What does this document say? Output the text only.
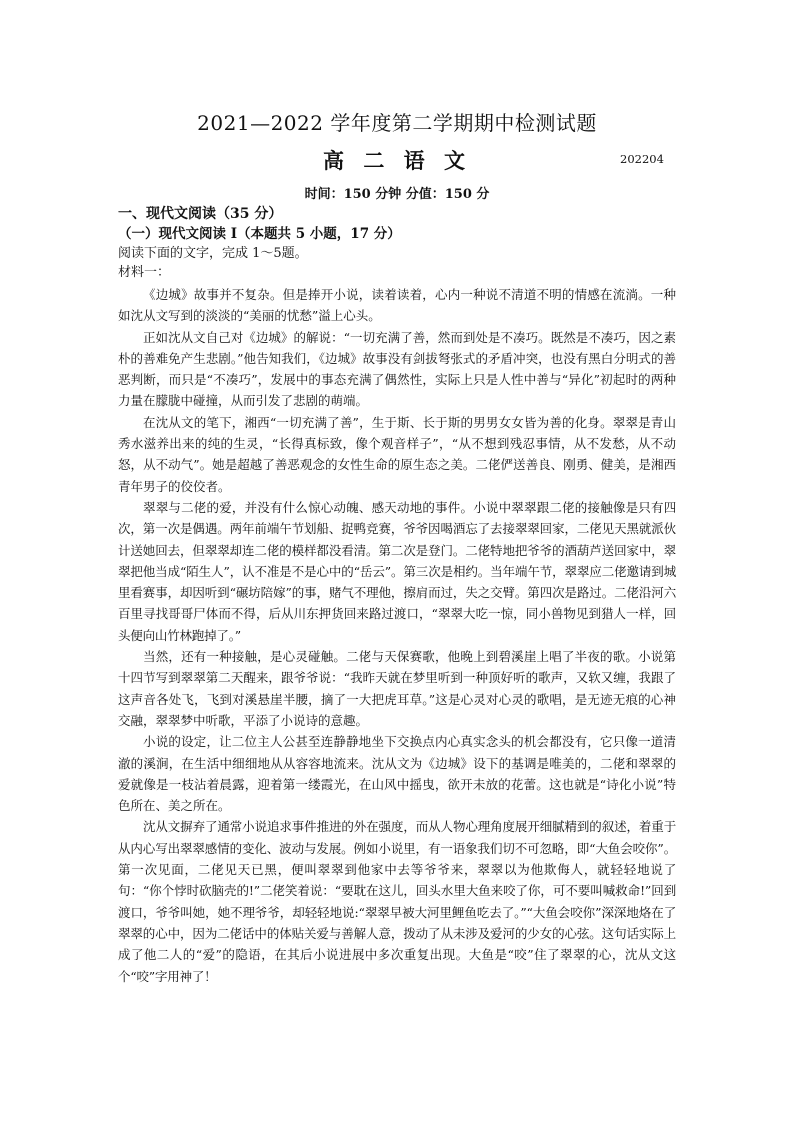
2021—2022 学年度第二学期期中检测试题
高 二 语 文	202204
时间：150 分钟 分值：150 分
一、现代文阅读（35 分）
（一）现代文阅读 I（本题共 5 小题，17 分）
阅读下面的文字，完成 1～5题。
材料一：

《边城》故事并不复杂。但是捧开小说，读着读着，心内一种说不清道不明的情感在流淌。一种如沈从文写到的淡淡的“美丽的忧愁”溢上心头。

正如沈从文自己对《边城》的解说：“一切充满了善，然而到处是不凑巧。既然是不凑巧，因之素朴的善难免产生悲剧。”他告知我们，《边城》故事没有剑拔弩张式的矛盾冲突，也没有黑白分明式的善恶判断，而只是“不凑巧”，发展中的事态充满了偶然性，实际上只是人性中善与“异化”初起时的两种力量在朦胧中碰撞，从而引发了悲剧的萌端。

在沈从文的笔下，湘西“一切充满了善”，生于斯、长于斯的男男女女皆为善的化身。翠翠是青山秀水滋养出来的纯的生灵，“长得真标致，像个观音样子”，“从不想到残忍事情，从不发愁，从不动怒，从不动气”。她是超越了善恶观念的女性生命的原生态之美。二佬俨送善良、刚勇、健美，是湘西青年男子的佼佼者。

翠翠与二佬的爱，并没有什么惊心动魄、感天动地的事件。小说中翠翠跟二佬的接触像是只有四次，第一次是偶遇。两年前端午节划船、捉鸭竞赛，爷爷因喝酒忘了去接翠翠回家，二佬见天黑就派伙计送她回去，但翠翠却连二佬的模样都没看清。第二次是登门。二佬特地把爷爷的酒葫芦送回家中，翠翠把他当成“陌生人”，认不准是不是心中的“岳云”。第三次是相约。当年端午节，翠翠应二佬邀请到城里看赛事，却因听到“碾坊陪嫁”的事，赌气不理他，擦肩而过，失之交臂。第四次是路过。二佬沿河六百里寻找哥哥尸体而不得，后从川东押货回来路过渡口，“翠翠大吃一惊，同小兽物见到猎人一样，回头便向山竹林跑掉了。”

当然，还有一种接触，是心灵碰触。二佬与天保赛歌，他晚上到碧溪崖上唱了半夜的歌。小说第十四节写到翠翠第二天醒来，跟爷爷说：“我昨天就在梦里听到一种顶好听的歌声，又软又缠，我跟了这声音各处飞，飞到对溪悬崖半腰，摘了一大把虎耳草。”这是心灵对心灵的歌唱，是无迹无痕的心神交融，翠翠梦中听歌，平添了小说诗的意趣。

小说的设定，让二位主人公甚至连静静地坐下交换点内心真实念头的机会都没有，它只像一道清澈的溪涧，在生活中细细地从从容容地流来。沈从文为《边城》设下的基调是唯美的，二佬和翠翠的爱就像是一枝沾着晨露，迎着第一缕霞光，在山风中摇曳，欲开未放的花蕾。这也就是“诗化小说”特色所在、美之所在。

沈从文摒弃了通常小说追求事件推进的外在强度，而从人物心理角度展开细腻精到的叙述，着重于从内心写出翠翠感情的变化、波动与发展。例如小说里，有一语象我们切不可忽略，即“大鱼会咬你”。第一次见面，二佬见天已黑，便叫翠翠到他家中去等爷爷来，翠翠以为他欺侮人，就轻轻地说了句：“你个悖时砍脑壳的!”二佬笑着说：“要耽在这儿，回头水里大鱼来咬了你，可不要叫喊救命!”回到渡口，爷爷叫她，她不理爷爷，却轻轻地说:“翠翠早被大河里鲤鱼吃去了。”“大鱼会咬你”深深地烙在了翠翠的心中，因为二佬话中的体贴关爱与善解人意，拨动了从未涉及爱河的少女的心弦。这句话实际上成了他二人的“爱”的隐语，在其后小说进展中多次重复出现。大鱼是“咬”住了翠翠的心，沈从文这个“咬”字用神了！
